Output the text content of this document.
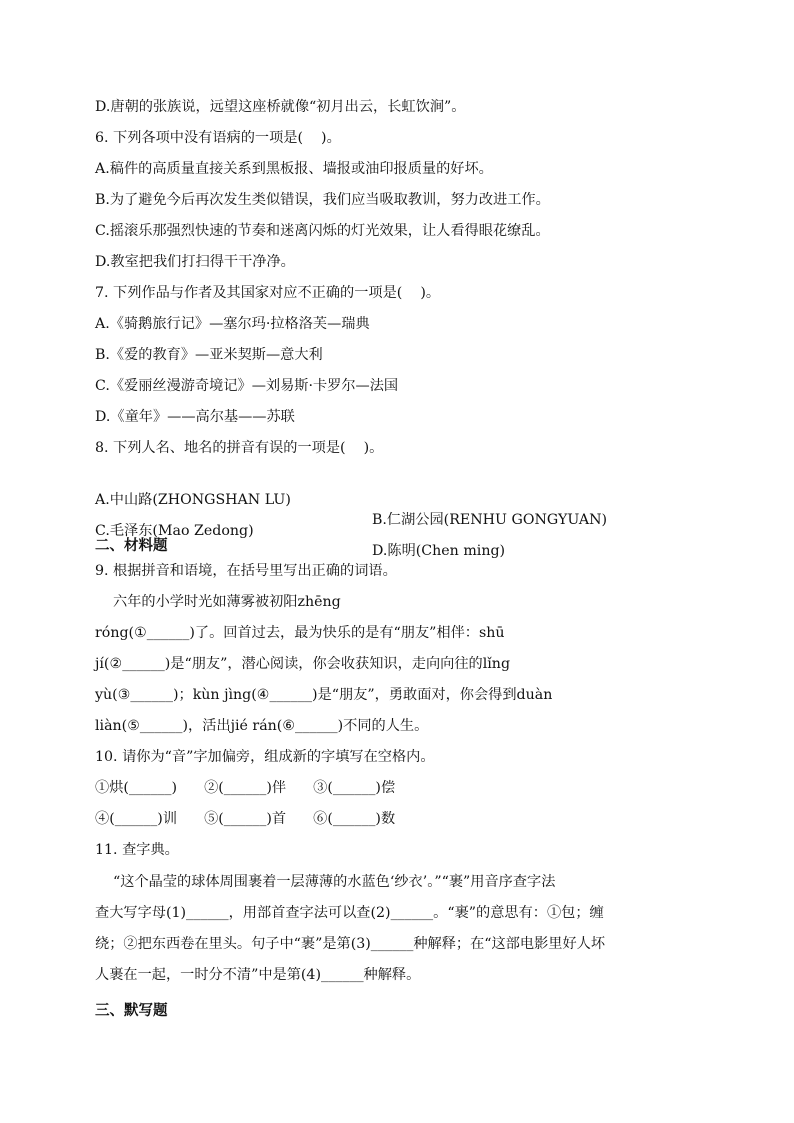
D.唐朝的张族说，远望这座桥就像“初月出云，长虹饮涧”。
6. 下列各项中没有语病的一项是(    )。
A.稿件的高质量直接关系到黑板报、墙报或油印报质量的好坏。
B.为了避免今后再次发生类似错误，我们应当吸取教训，努力改进工作。
C.摇滚乐那强烈快速的节奏和迷离闪烁的灯光效果，让人看得眼花缭乱。
D.教室把我们打扫得干干净净。
7. 下列作品与作者及其国家对应不正确的一项是(    )。
A.《骑鹅旅行记》—塞尔玛·拉格洛芙—瑞典
B.《爱的教育》—亚米契斯—意大利
C.《爱丽丝漫游奇境记》—刘易斯·卡罗尔—法国
D.《童年》——高尔基——苏联
8. 下列人名、地名的拼音有误的一项是(    )。

A.中山路(ZHONGSHAN LU)

B.仁湖公园(RENHU GONGYUAN)

C.毛泽东(Mao Zedong)

D.陈明(Chen ming)

二、材料题
9. 根据拼音和语境，在括号里写出正确的词语。
六年的小学时光如薄雾被初阳zhēng
róng(①______)了。回首过去，最为快乐的是有“朋友”相伴：shū
jí(②______)是“朋友”，潜心阅读，你会收获知识，走向向往的lǐng
yù(③______)；kùn jìng(④______)是“朋友”，勇敢面对，你会得到duàn
liàn(⑤______)，活出jié rán(⑥______)不同的人生。
10. 请你为“音”字加偏旁，组成新的字填写在空格内。
①烘(______)      ②(______)伴      ③(______)偿
④(______)训      ⑤(______)首      ⑥(______)数
11. 查字典。
“这个晶莹的球体周围裹着一层薄薄的水蓝色‘纱衣’。”“裹”用音序查字法
查大写字母(1)______，用部首查字法可以查(2)______。“裹”的意思有：①包；缠
绕；②把东西卷在里头。句子中“裹”是第(3)______种解释；在“这部电影里好人坏
人裹在一起，一时分不清”中是第(4)______种解释。
三、默写题
